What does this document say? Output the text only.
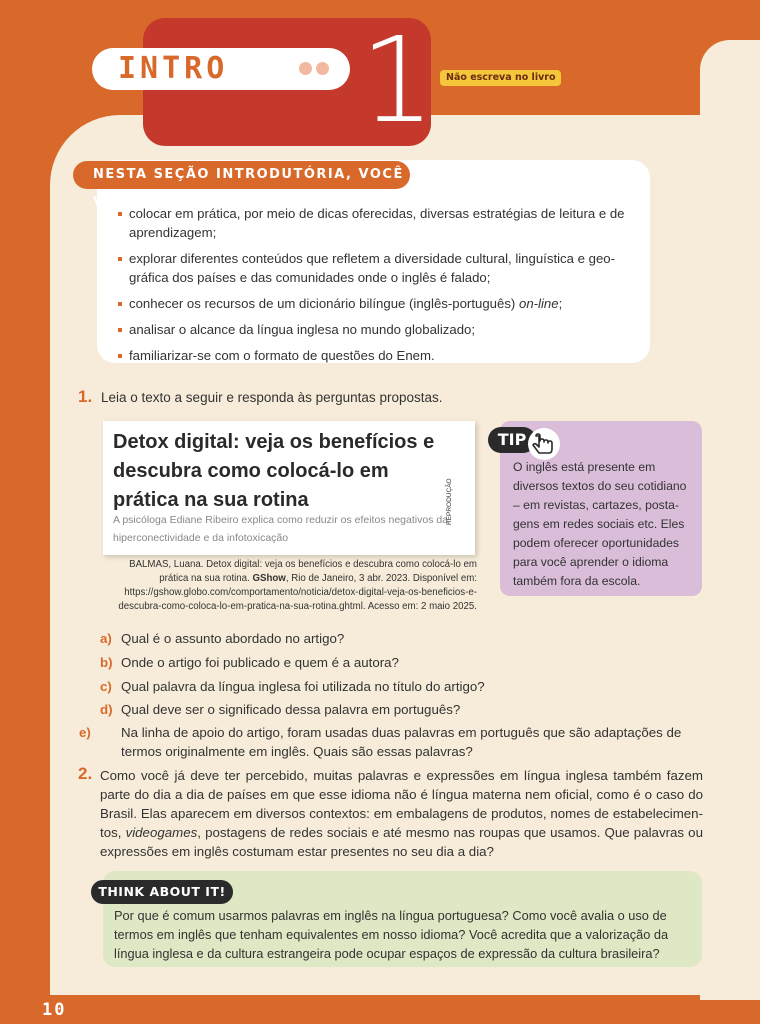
1
INTRO	Não escreva no livro
NESTA SEÇÃO INTRODUTÓRIA, VOCÊ VAI...
colocar em prática, por meio de dicas oferecidas, diversas estratégias de leitura e de aprendizagem;
explorar diferentes conteúdos que refletem a diversidade cultural, linguística e geográfica dos países e das comunidades onde o inglês é falado;
conhecer os recursos de um dicionário bilíngue (inglês-português) on-line;
analisar o alcance da língua inglesa no mundo globalizado;
familiarizar-se com o formato de questões do Enem.
1. Leia o texto a seguir e responda às perguntas propostas.
Detox digital: veja os benefícios e descubra como colocá-lo em prática na sua rotina
A psicóloga Ediane Ribeiro explica como reduzir os efeitos negativos da hiperconectividade e da infotoxicação
REPRODUÇÃO
BALMAS, Luana. Detox digital: veja os benefícios e descubra como colocá-lo em prática na sua rotina. GShow, Rio de Janeiro, 3 abr. 2023. Disponível em: https://gshow.globo.com/comportamento/noticia/detox-digital-veja-os-beneficios-e-descubra-como-coloca-lo-em-pratica-na-sua-rotina.ghtml. Acesso em: 2 maio 2025.
TIP
O inglês está presente em diversos textos do seu cotidiano – em revistas, cartazes, postagens em redes sociais etc. Eles podem oferecer oportunidades para você aprender o idioma também fora da escola.
a) Qual é o assunto abordado no artigo?
b) Onde o artigo foi publicado e quem é a autora?
c) Qual palavra da língua inglesa foi utilizada no título do artigo?
d) Qual deve ser o significado dessa palavra em português?
e) Na linha de apoio do artigo, foram usadas duas palavras em português que são adaptações de termos originalmente em inglês. Quais são essas palavras?
2. Como você já deve ter percebido, muitas palavras e expressões em língua inglesa também fazem parte do dia a dia de países em que esse idioma não é língua materna nem oficial, como é o caso do Brasil. Elas aparecem em diversos contextos: em embalagens de produtos, nomes de estabelecimentos, videogames, postagens de redes sociais e até mesmo nas roupas que usamos. Que palavras ou expressões em inglês costumam estar presentes no seu dia a dia?
THINK ABOUT IT!
Por que é comum usarmos palavras em inglês na língua portuguesa? Como você avalia o uso de termos em inglês que tenham equivalentes em nosso idioma? Você acredita que a valorização da língua inglesa e da cultura estrangeira pode ocupar espaços de expressão da cultura brasileira?
10
